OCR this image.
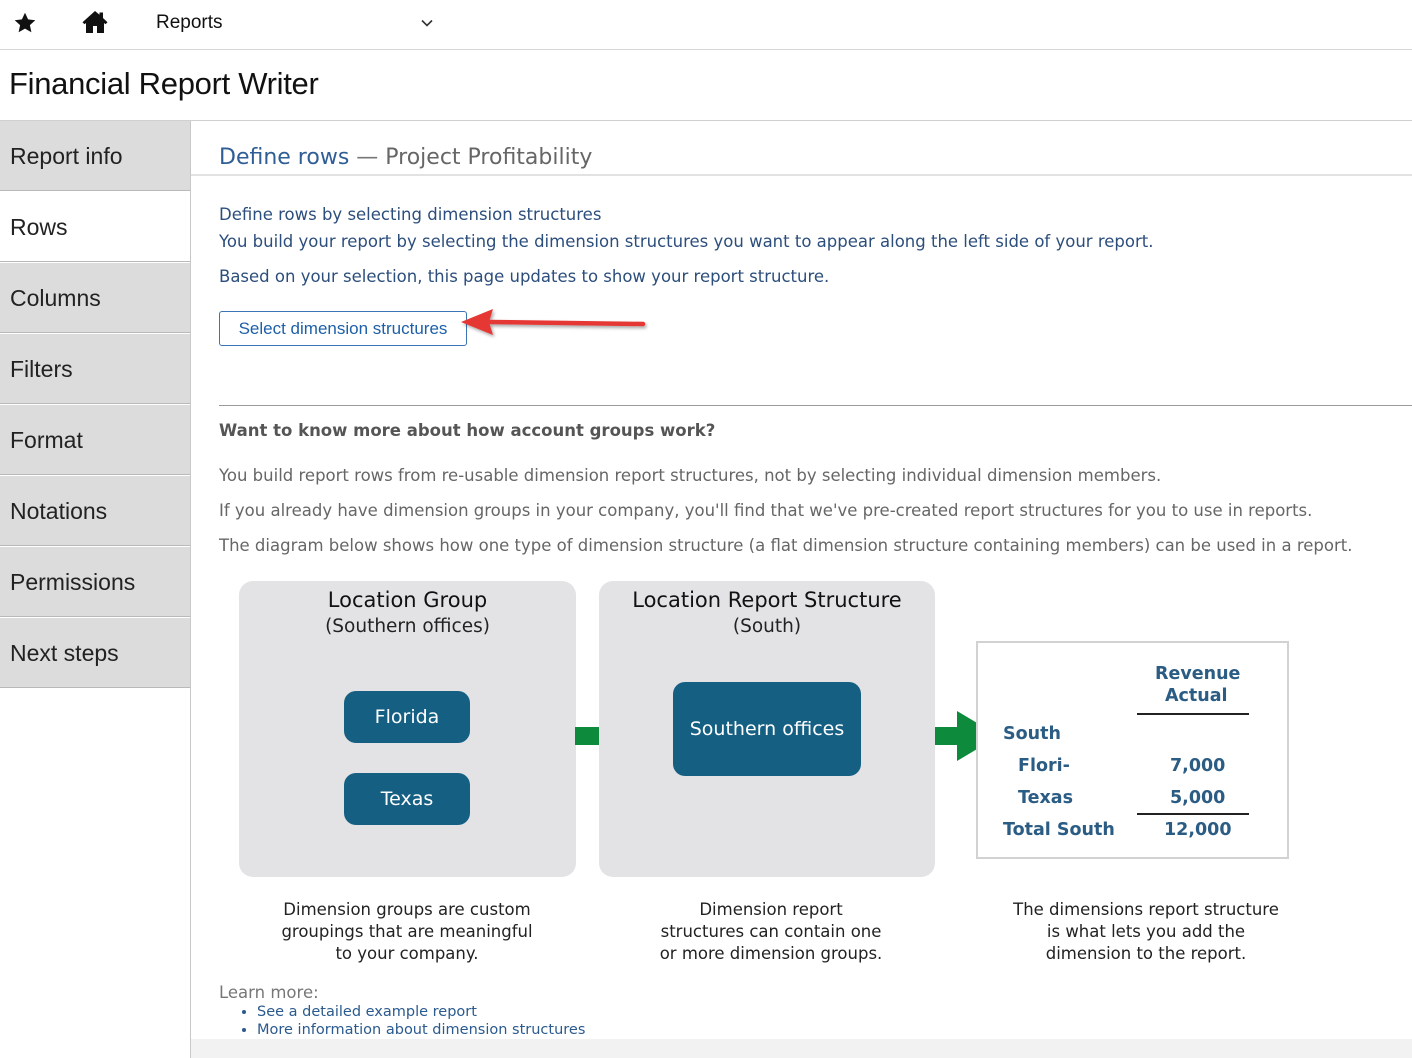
Reports
Financial Report Writer
Report info
Rows
Columns
Filters
Format
Notations
Permissions
Next steps
Define rows — Project Profitability
Define rows by selecting dimension structures
You build your report by selecting the dimension structures you want to appear along the left side of your report.
Based on your selection, this page updates to show your report structure.
Select dimension structures
Want to know more about how account groups work?
You build report rows from re-usable dimension report structures, not by selecting individual dimension members.
If you already have dimension groups in your company, you'll find that we've pre-created report structures for you to use in reports.
The diagram below shows how one type of dimension structure (a flat dimension structure containing members) can be used in a report.
Location Group
(Southern offices)
Florida
Texas
Location Report Structure
(South)
Southern offices
Revenue
Actual
South
Flori-	7,000
Texas	5,000
Total South	12,000
Dimension groups are custom
groupings that are meaningful
to your company.
Dimension report
structures can contain one
or more dimension groups.
The dimensions report structure
is what lets you add the
dimension to the report.
Learn more:
• See a detailed example report
• More information about dimension structures
